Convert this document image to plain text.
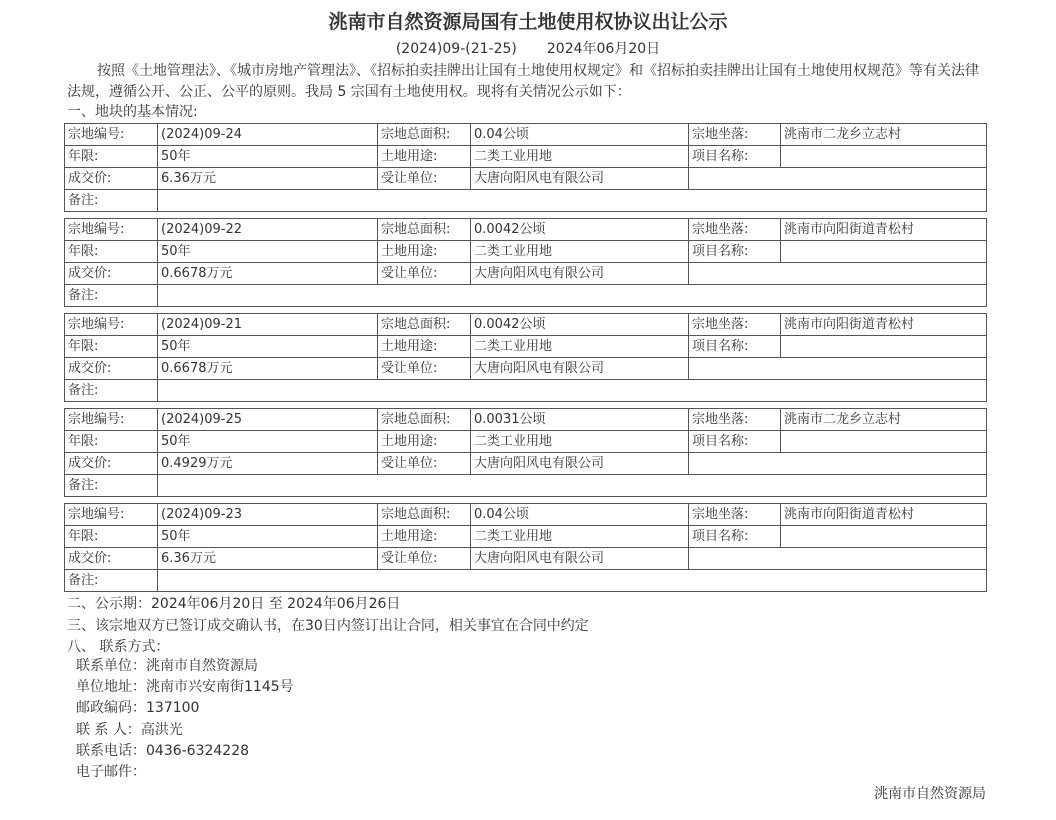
洮南市自然资源局国有土地使用权协议出让公示
(2024)09-(21-25) 2024年06月20日
按照《土地管理法》、《城市房地产管理法》、《招标拍卖挂牌出让国有土地使用权规定》和《招标拍卖挂牌出让国有土地使用权规范》等有关法律法规，遵循公开、公正、公平的原则。我局 5 宗国有土地使用权。现将有关情况公示如下：
一、地块的基本情况:
宗地编号:	(2024)09-24	宗地总面积:	0.04公顷	宗地坐落:	洮南市二龙乡立志村
年限:	50年	土地用途:	二类工业用地	项目名称:	
成交价:	6.36万元	受让单位:	大唐向阳风电有限公司		
备注:					
宗地编号:	(2024)09-22	宗地总面积:	0.0042公顷	宗地坐落:	洮南市向阳街道青松村
年限:	50年	土地用途:	二类工业用地	项目名称:	
成交价:	0.6678万元	受让单位:	大唐向阳风电有限公司		
备注:					
宗地编号:	(2024)09-21	宗地总面积:	0.0042公顷	宗地坐落:	洮南市向阳街道青松村
年限:	50年	土地用途:	二类工业用地	项目名称:	
成交价:	0.6678万元	受让单位:	大唐向阳风电有限公司		
备注:					
宗地编号:	(2024)09-25	宗地总面积:	0.0031公顷	宗地坐落:	洮南市二龙乡立志村
年限:	50年	土地用途:	二类工业用地	项目名称:	
成交价:	0.4929万元	受让单位:	大唐向阳风电有限公司		
备注:					
宗地编号:	(2024)09-23	宗地总面积:	0.04公顷	宗地坐落:	洮南市向阳街道青松村
年限:	50年	土地用途:	二类工业用地	项目名称:	
成交价:	6.36万元	受让单位:	大唐向阳风电有限公司		
备注:					
二、公示期：2024年06月20日 至 2024年06月26日
三、该宗地双方已签订成交确认书，在30日内签订出让合同，相关事宜在合同中约定
八、 联系方式：
联系单位：洮南市自然资源局
单位地址：洮南市兴安南街1145号
邮政编码：137100
联 系 人：高洪光
联系电话：0436-6324228
电子邮件：
洮南市自然资源局
